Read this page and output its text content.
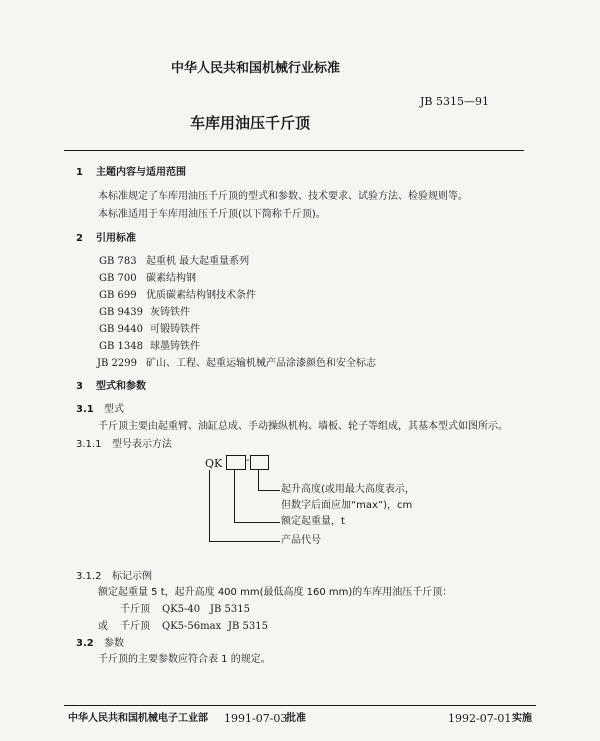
中华人民共和国机械行业标准
JB 5315—91
车库用油压千斤顶
1 主题内容与适用范围
本标准规定了车库用油压千斤顶的型式和参数、技术要求、试验方法、检验规则等。
本标准适用于车库用油压千斤顶(以下简称千斤顶)。
2 引用标准
GB 783 起重机 最大起重量系列
GB 700 碳素结构钢
GB 699 优质碳素结构钢技术条件
GB 9439 灰铸铁件
GB 9440 可锻铸铁件
GB 1348 球墨铸铁件
JB 2299 矿山、工程、起重运输机械产品涂漆颜色和安全标志
3 型式和参数
3.1 型式
千斤顶主要由起重臂、油缸总成、手动操纵机构、墙板、轮子等组成，其基本型式如图所示。
3.1.1 型号表示方法
QK -
起升高度(或用最大高度表示，
但数字后面应加“max”)，cm
额定起重量，t
产品代号
3.1.2 标记示例
额定起重量 5 t，起升高度 400 mm(最低高度 160 mm)的车库用油压千斤顶：
千斤顶 QK5-40 JB 5315
或 千斤顶 QK5-56max JB 5315
3.2 参数
千斤顶的主要参数应符合表 1 的规定。
中华人民共和国机械电子工业部 1991-07-03
批准	1992-07-01 实施
